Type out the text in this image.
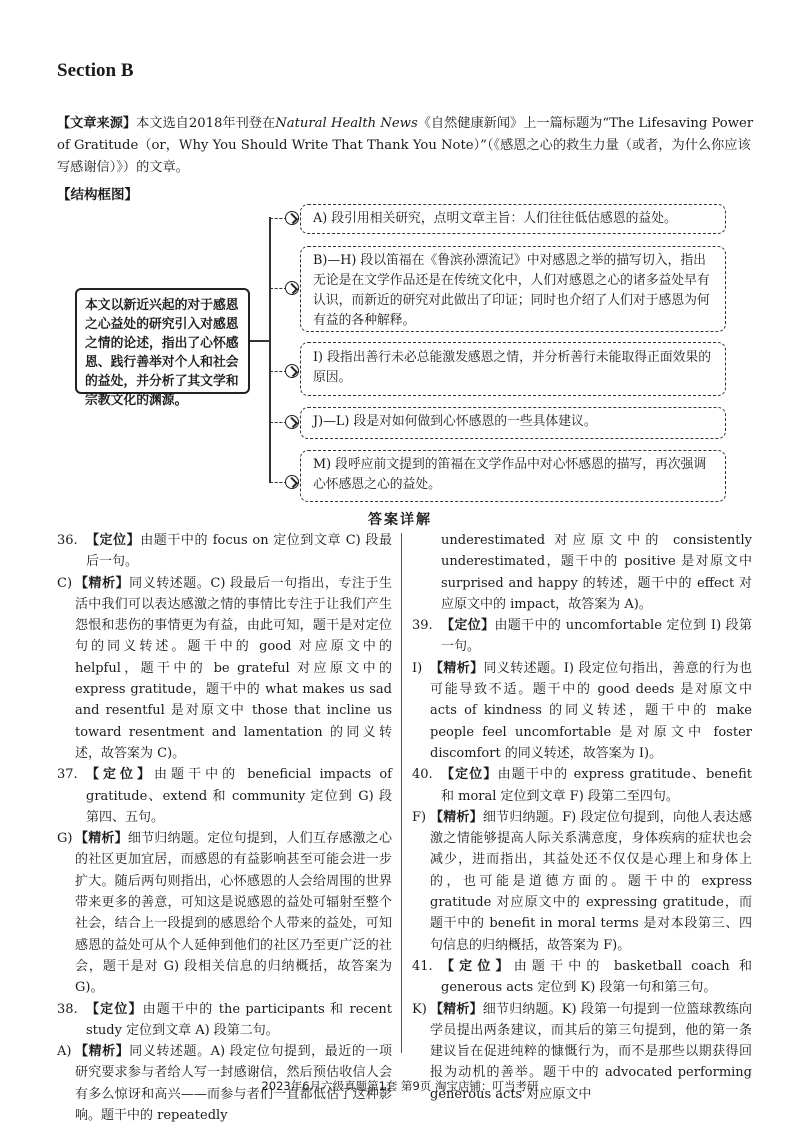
Section B
【文章来源】本文选自2018年刊登在Natural Health News《自然健康新闻》上一篇标题为“The Lifesaving Power of Gratitude（or，Why You Should Write That Thank You Note）”（《感恩之心的救生力量（或者，为什么你应该写感谢信）》）的文章。
【结构框图】
本文以新近兴起的对于感恩之心益处的研究引入对感恩之情的论述，指出了心怀感恩、践行善举对个人和社会的益处，并分析了其文学和宗教文化的渊源。
A) 段引用相关研究，点明文章主旨：人们往往低估感恩的益处。
B)—H) 段以笛福在《鲁滨孙漂流记》中对感恩之举的描写切入，指出无论是在文学作品还是在传统文化中，人们对感恩之心的诸多益处早有认识，而新近的研究对此做出了印证；同时也介绍了人们对于感恩为何有益的各种解释。
I) 段指出善行未必总能激发感恩之情，并分析善行未能取得正面效果的原因。
J)—L) 段是对如何做到心怀感恩的一些具体建议。
M) 段呼应前文提到的笛福在文学作品中对心怀感恩的描写，再次强调心怀感恩之心的益处。
答案详解
36. 【定位】由题干中的 focus on 定位到文章 C) 段最后一句。
C) 【精析】同义转述题。C) 段最后一句指出，专注于生活中我们可以表达感激之情的事情比专注于让我们产生怨恨和悲伤的事情更为有益，由此可知，题干是对定位句的同义转述。题干中的 good 对应原文中的 helpful，题干中的 be grateful 对应原文中的 express gratitude，题干中的 what makes us sad and resentful 是对原文中 those that incline us toward resentment and lamentation 的同义转述，故答案为 C)。
37. 【定位】由题干中的 beneficial impacts of gratitude、extend 和 community 定位到 G) 段第四、五句。
G) 【精析】细节归纳题。定位句提到，人们互存感激之心的社区更加宜居，而感恩的有益影响甚至可能会进一步扩大。随后两句则指出，心怀感恩的人会给周围的世界带来更多的善意，可知这是说感恩的益处可辐射至整个社会，结合上一段提到的感恩给个人带来的益处，可知感恩的益处可从个人延伸到他们的社区乃至更广泛的社会，题干是对 G) 段相关信息的归纳概括，故答案为 G)。
38. 【定位】由题干中的 the participants 和 recent study 定位到文章 A) 段第二句。
A) 【精析】同义转述题。A) 段定位句提到，最近的一项研究要求参与者给人写一封感谢信，然后预估收信人会有多么惊讶和高兴——而参与者们一直都低估了这种影响。题干中的 repeatedly
underestimated 对应原文中的 consistently underestimated，题干中的 positive 是对原文中 surprised and happy 的转述，题干中的 effect 对应原文中的 impact，故答案为 A)。
39. 【定位】由题干中的 uncomfortable 定位到 I) 段第一句。
I) 【精析】同义转述题。I) 段定位句指出，善意的行为也可能导致不适。题干中的 good deeds 是对原文中 acts of kindness 的同义转述，题干中的 make people feel uncomfortable 是对原文中 foster discomfort 的同义转述，故答案为 I)。
40. 【定位】由题干中的 express gratitude、benefit 和 moral 定位到文章 F) 段第二至四句。
F) 【精析】细节归纳题。F) 段定位句提到，向他人表达感激之情能够提高人际关系满意度，身体疾病的症状也会减少，进而指出，其益处还不仅仅是心理上和身体上的，也可能是道德方面的。题干中的 express gratitude 对应原文中的 expressing gratitude，而题干中的 benefit in moral terms 是对本段第三、四句信息的归纳概括，故答案为 F)。
41. 【定位】由题干中的 basketball coach 和 generous acts 定位到 K) 段第一句和第三句。
K) 【精析】细节归纳题。K) 段第一句提到一位篮球教练向学员提出两条建议，而其后的第三句提到，他的第一条建议旨在促进纯粹的慷慨行为，而不是那些以期获得回报为动机的善举。题干中的 advocated performing generous acts 对应原文中
2023年6月六级真题第1套 第9页 淘宝店铺：叮当考研
